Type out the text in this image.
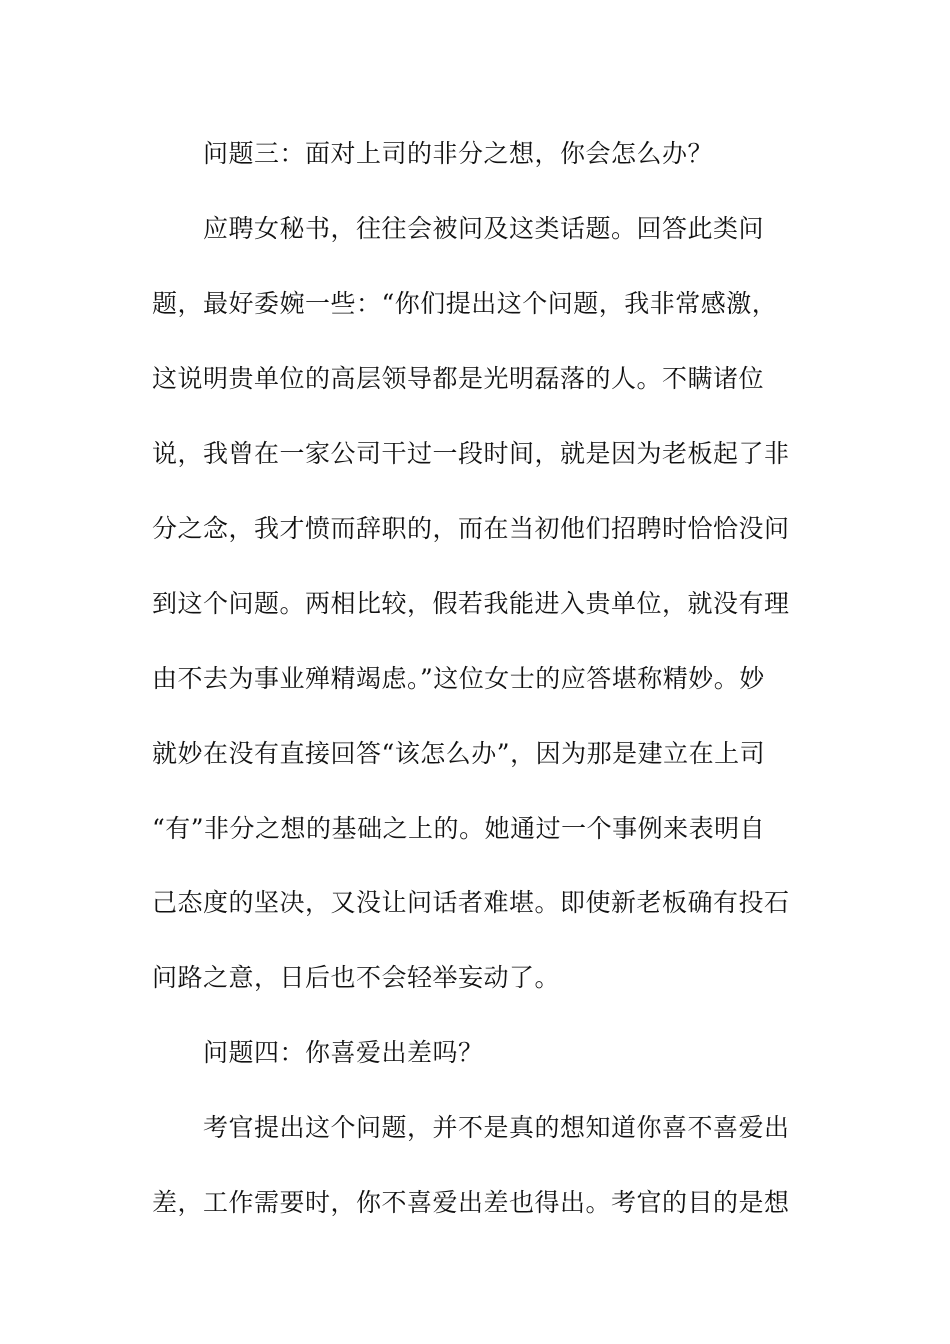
问题三：面对上司的非分之想，你会怎么办？
应聘女秘书，往往会被问及这类话题。回答此类问
题，最好委婉一些：“你们提出这个问题，我非常感激，
这说明贵单位的高层领导都是光明磊落的人。不瞒诸位
说，我曾在一家公司干过一段时间，就是因为老板起了非
分之念，我才愤而辞职的，而在当初他们招聘时恰恰没问
到这个问题。两相比较，假若我能进入贵单位，就没有理
由不去为事业殚精竭虑。”这位女士的应答堪称精妙。妙
就妙在没有直接回答“该怎么办”，因为那是建立在上司
“有”非分之想的基础之上的。她通过一个事例来表明自
己态度的坚决，又没让问话者难堪。即使新老板确有投石
问路之意，日后也不会轻举妄动了。
问题四：你喜爱出差吗？
考官提出这个问题，并不是真的想知道你喜不喜爱出
差，工作需要时，你不喜爱出差也得出。考官的目的是想
